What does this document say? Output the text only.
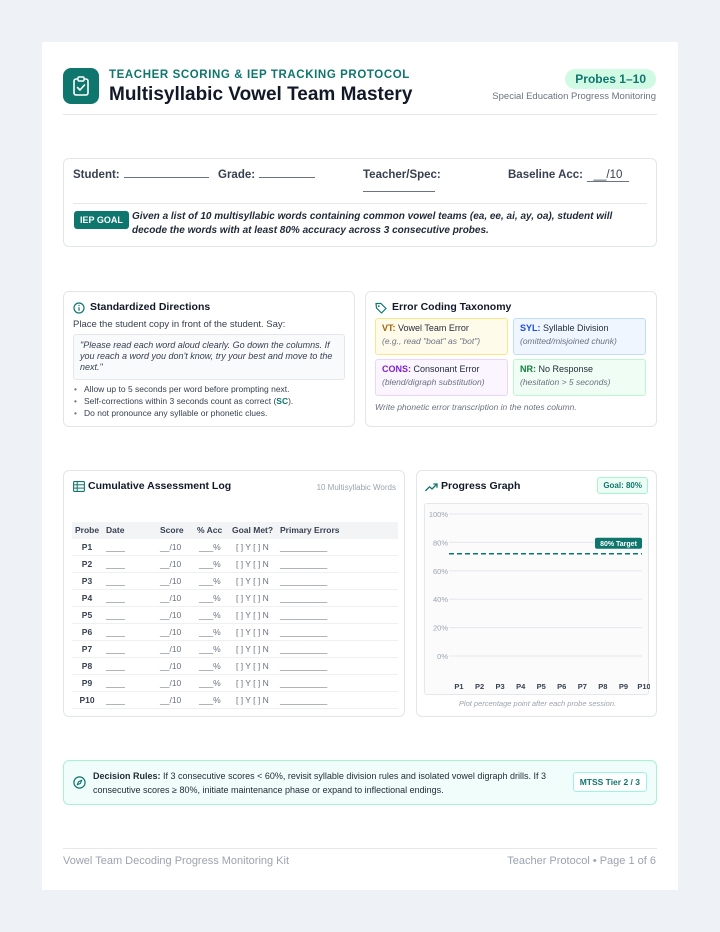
TEACHER SCORING & IEP TRACKING PROTOCOL
Multisyllabic Vowel Team Mastery
Probes 1–10
Special Education Progress Monitoring
Student:	Grade:	Teacher/Spec:	Baseline Acc: __/10
IEP GOAL Given a list of 10 multisyllabic words containing common vowel teams (ea, ee, ai, ay, oa), student will decode the words with at least 80% accuracy across 3 consecutive probes.
Standardized Directions
Place the student copy in front of the student. Say:
"Please read each word aloud clearly. Go down the columns. If you reach a word you don't know, try your best and move to the next."
• Allow up to 5 seconds per word before prompting next.
• Self-corrections within 3 seconds count as correct (SC).
• Do not pronounce any syllable or phonetic clues.
Error Coding Taxonomy
VT: Vowel Team Error
(e.g., read "boat" as "bot")
SYL: Syllable Division
(omitted/misjoined chunk)
CONS: Consonant Error
(blend/digraph substitution)
NR: No Response
(hesitation > 5 seconds)
Write phonetic error transcription in the notes column.
Cumulative Assessment Log	10 Multisyllabic Words
Probe Date	Score % Acc Goal Met? Primary Errors
P1	____	__/10 ___% [ ] Y [ ] N __________
P2	____	__/10 ___% [ ] Y [ ] N __________
P3	____	__/10 ___% [ ] Y [ ] N __________
P4	____	__/10 ___% [ ] Y [ ] N __________
P5	____	__/10 ___% [ ] Y [ ] N __________
P6	____	__/10 ___% [ ] Y [ ] N __________
P7	____	__/10 ___% [ ] Y [ ] N __________
P8	____	__/10 ___% [ ] Y [ ] N __________
P9	____	__/10 ___% [ ] Y [ ] N __________
P10	____	__/10 ___% [ ] Y [ ] N __________
Progress Graph	Goal: 80%
100%
80%
60%
40%
20%
0%
P1 P2 P3 P4 P5 P6 P7 P8 P9 P10
80% Target
Plot percentage point after each probe session.
Decision Rules: If 3 consecutive scores < 60%, revisit syllable division rules and isolated vowel digraph drills. If 3 consecutive scores ≥ 80%, initiate maintenance phase or expand to inflectional endings.
MTSS Tier 2 / 3
Vowel Team Decoding Progress Monitoring Kit	Teacher Protocol • Page 1 of 6
